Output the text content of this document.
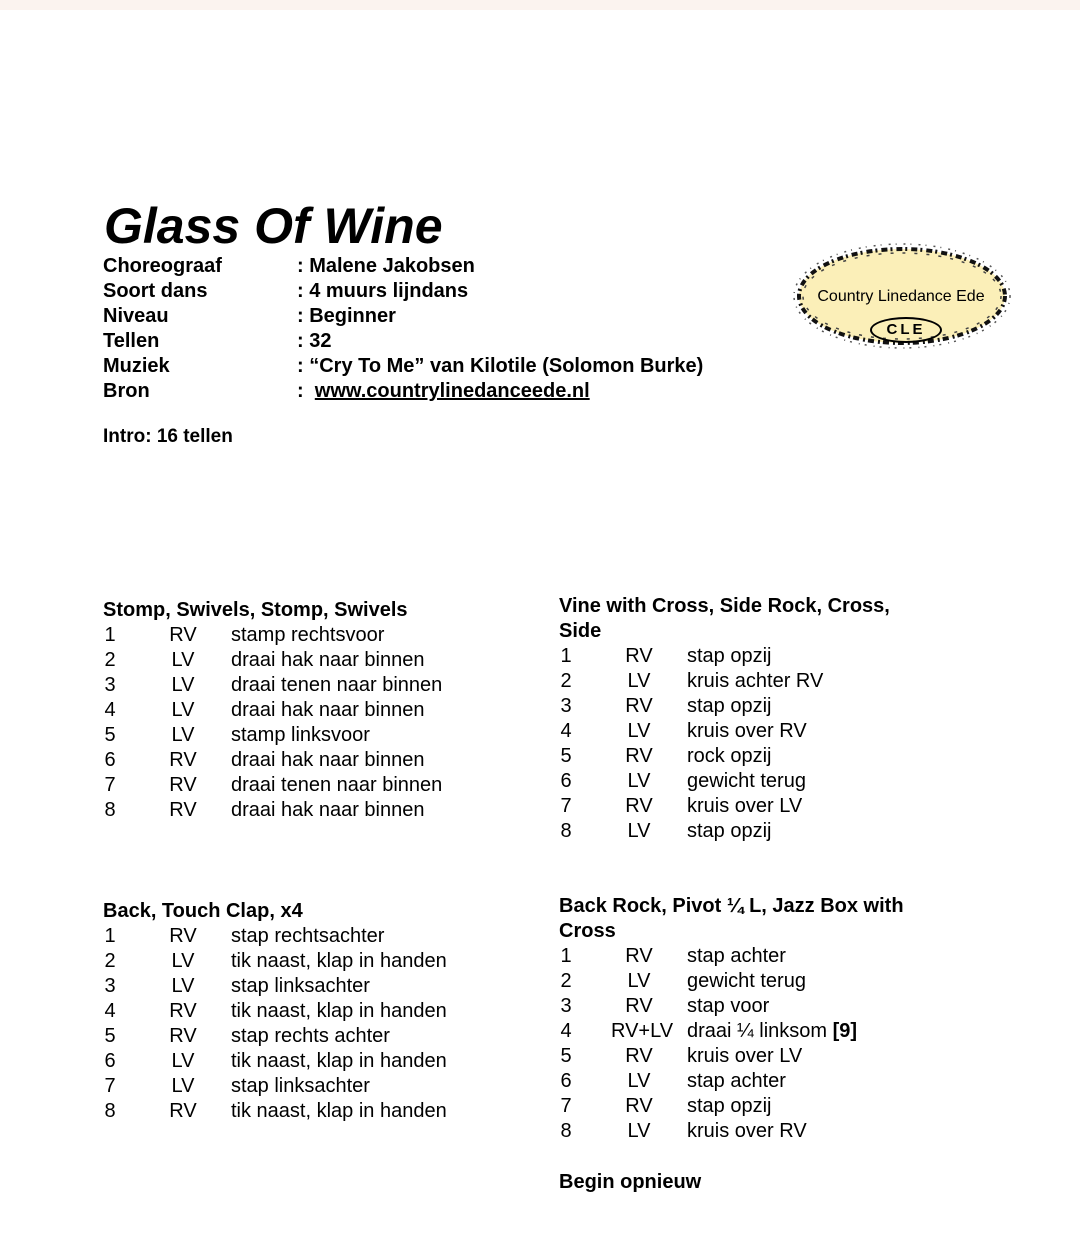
Glass Of Wine
Choreograaf	: Malene Jakobsen
Soort dans	: 4 muurs lijndans
Niveau	: Beginner
Tellen	: 32
Muziek	: “Cry To Me” van Kilotile (Solomon Burke)
Bron	: www.countrylinedanceede.nl
Intro: 16 tellen
Country Linedance Ede
CLE
Stomp, Swivels, Stomp, Swivels
1	RV	stamp rechtsvoor
2	LV	draai hak naar binnen
3	LV	draai tenen naar binnen
4	LV	draai hak naar binnen
5	LV	stamp linksvoor
6	RV	draai hak naar binnen
7	RV	draai tenen naar binnen
8	RV	draai hak naar binnen
Vine with Cross, Side Rock, Cross,
Side
1	RV	stap opzij
2	LV	kruis achter RV
3	RV	stap opzij
4	LV	kruis over RV
5	RV	rock opzij
6	LV	gewicht terug
7	RV	kruis over LV
8	LV	stap opzij
Back, Touch Clap, x4
1	RV	stap rechtsachter
2	LV	tik naast, klap in handen
3	LV	stap linksachter
4	RV	tik naast, klap in handen
5	RV	stap rechts achter
6	LV	tik naast, klap in handen
7	LV	stap linksachter
8	RV	tik naast, klap in handen
Back Rock, Pivot ¼ L, Jazz Box with
Cross
1	RV	stap achter
2	LV	gewicht terug
3	RV	stap voor
4 RV+LV draai ¼ linksom [9]
5	RV	kruis over LV
6	LV	stap achter
7	RV	stap opzij
8	LV	kruis over RV
Begin opnieuw
